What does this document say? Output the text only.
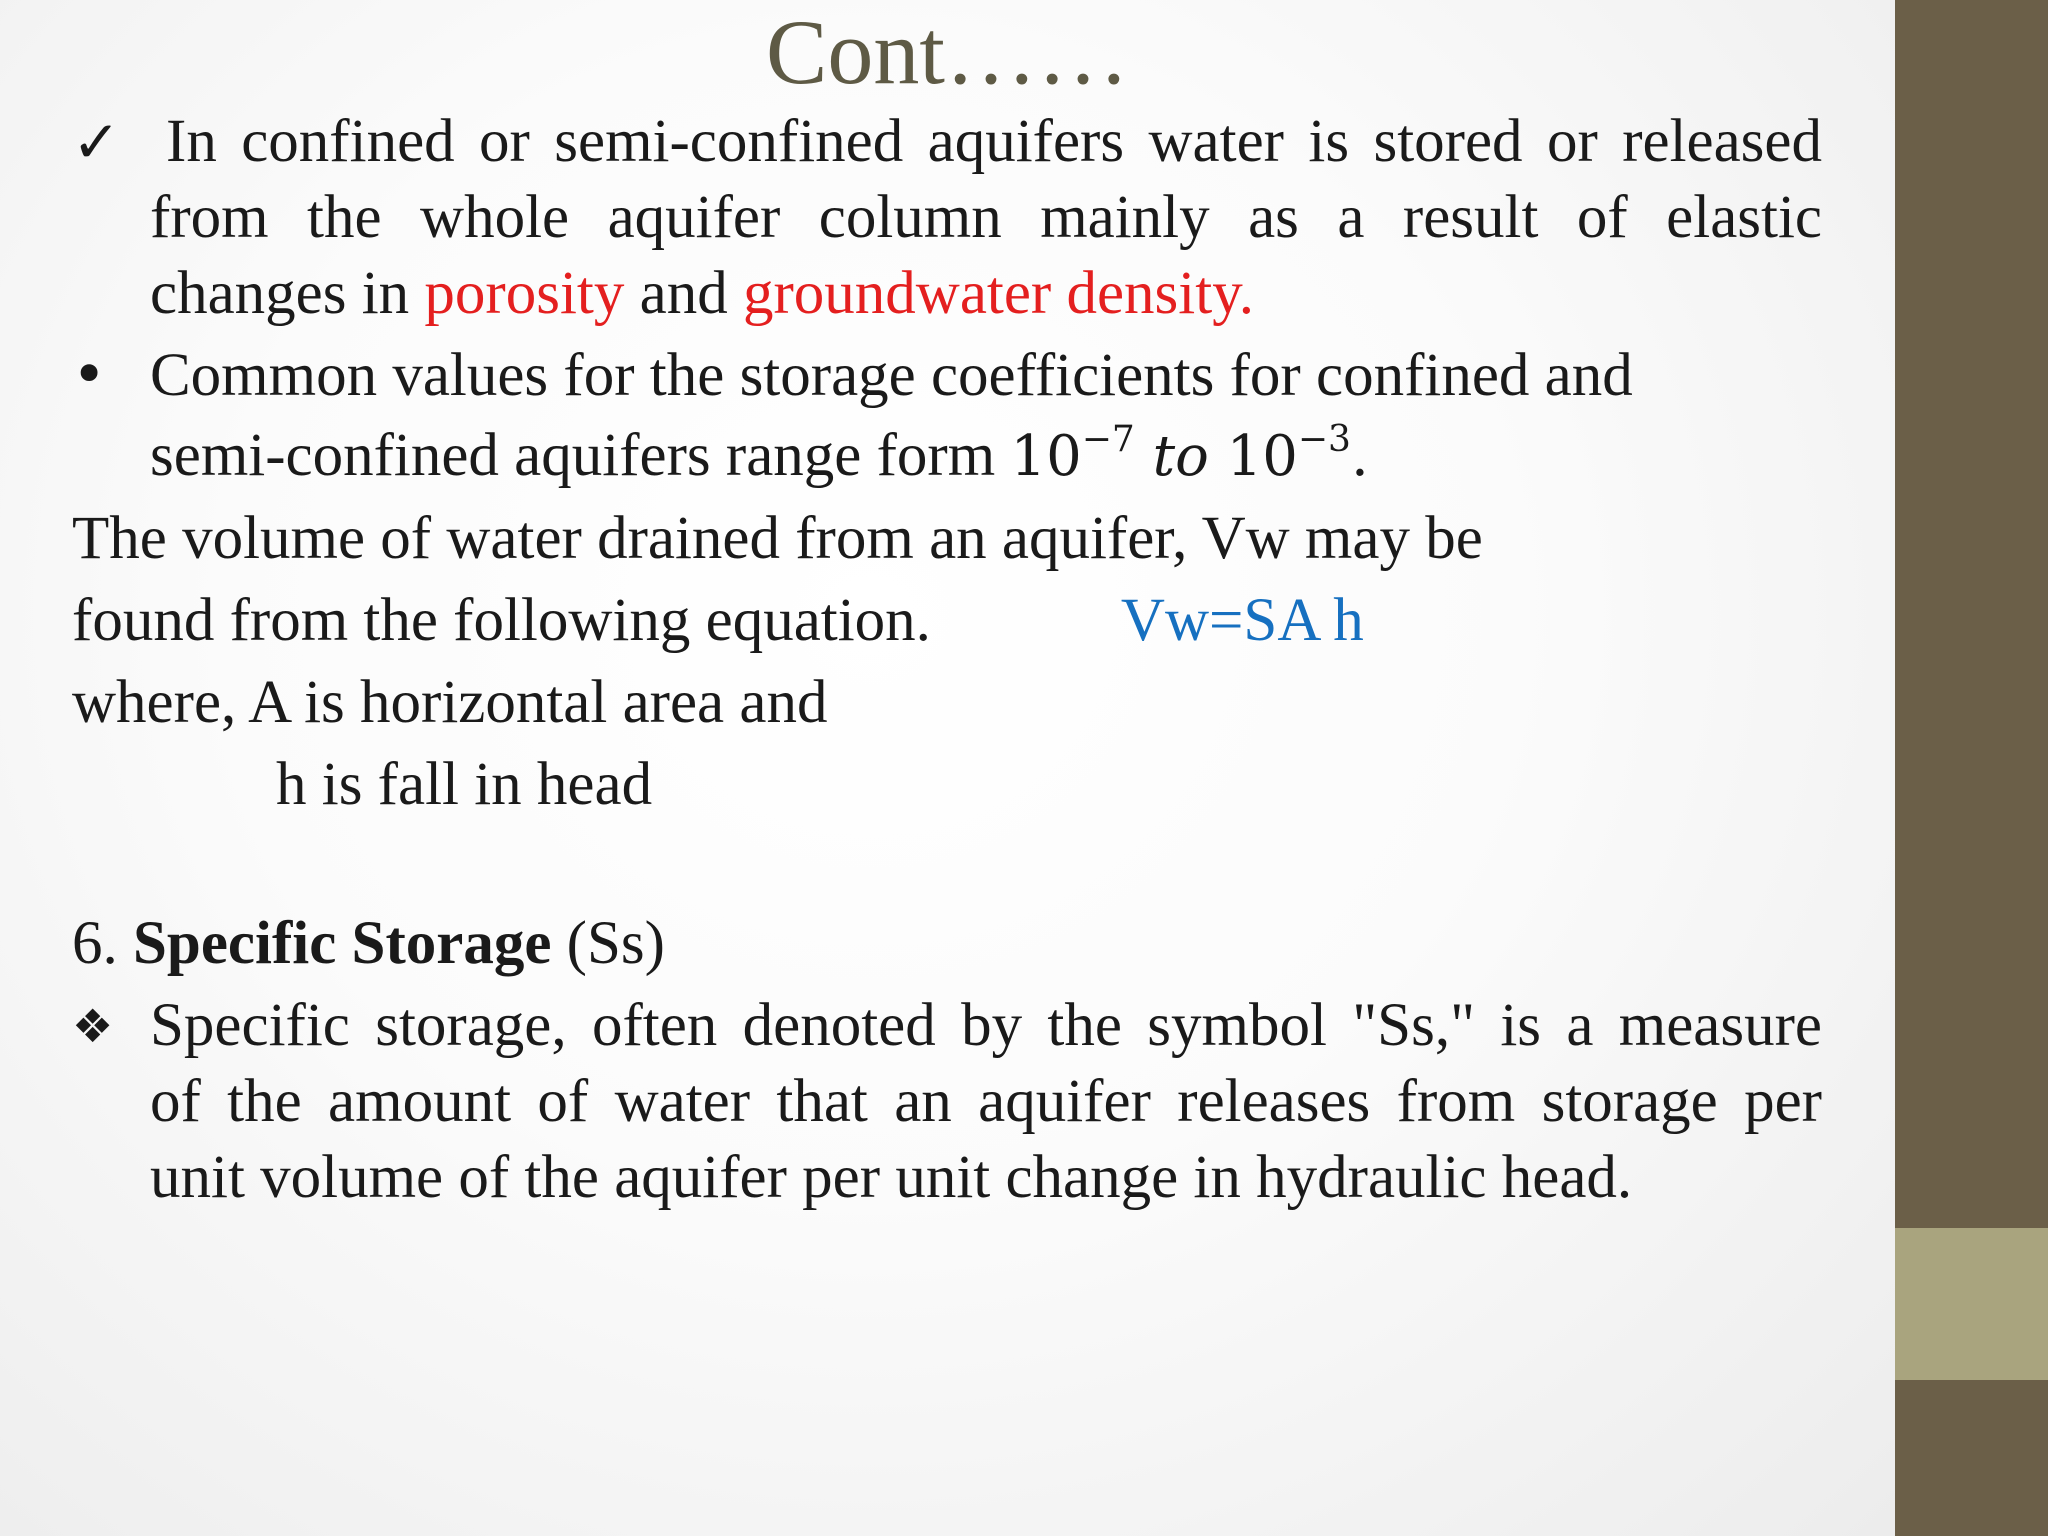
Cont……
✓ In confined or semi-confined aquifers water is stored or released
from the whole aquifer column mainly as a result of elastic
changes in porosity and groundwater density.
• Common values for the storage coefficients for confined and
semi-confined aquifers range form $10^{-7}$ to $10^{-3}$.
The volume of water drained from an aquifer, Vw may be
found from the following equation.	Vw=SA h
where, A is horizontal area and
h is fall in head
6. Specific Storage (Ss)
❖ Specific storage, often denoted by the symbol "Ss," is a measure
of the amount of water that an aquifer releases from storage per
unit volume of the aquifer per unit change in hydraulic head.
